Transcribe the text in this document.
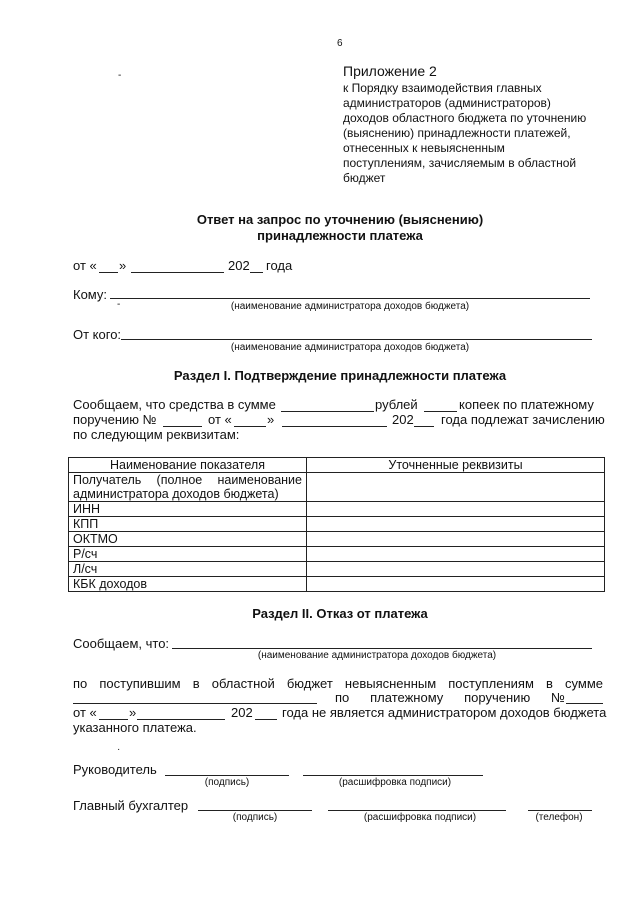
6
-	Приложение 2
к Порядку взаимодействия главных
администраторов (администраторов)
доходов областного бюджета по уточнению
(выяснению) принадлежности платежей,
отнесенных к невыясненным
поступлениям, зачисляемым в областной
бюджет
Ответ на запрос по уточнению (выяснению)
принадлежности платежа
от « »	202 года
Кому:
-	(наименование администратора доходов бюджета)
От кого:
(наименование администратора доходов бюджета)
Раздел I. Подтверждение принадлежности платежа
Сообщаем, что средства в сумме	рублей	копеек по платежному
поручению №	от «	»	202 года подлежат зачислению
по следующим реквизитам:
Наименование показателя	Уточненные реквизиты
Получатель (полное наименование администратора доходов бюджета)	
ИНН	
КПП	
ОКТМО	
Р/сч	
Л/сч	
КБК доходов	
Раздел II. Отказ от платежа
Сообщаем, что:
(наименование администратора доходов бюджета)
по поступившим в областной бюджет невыясненным поступлениям в сумме
по платежному поручению №
от « »	202 года не является администратором доходов бюджета
указанного платежа.
·
Руководитель
(подпись)	(расшифровка подписи)
Главный бухгалтер
(подпись)	(расшифровка подписи)	(телефон)
